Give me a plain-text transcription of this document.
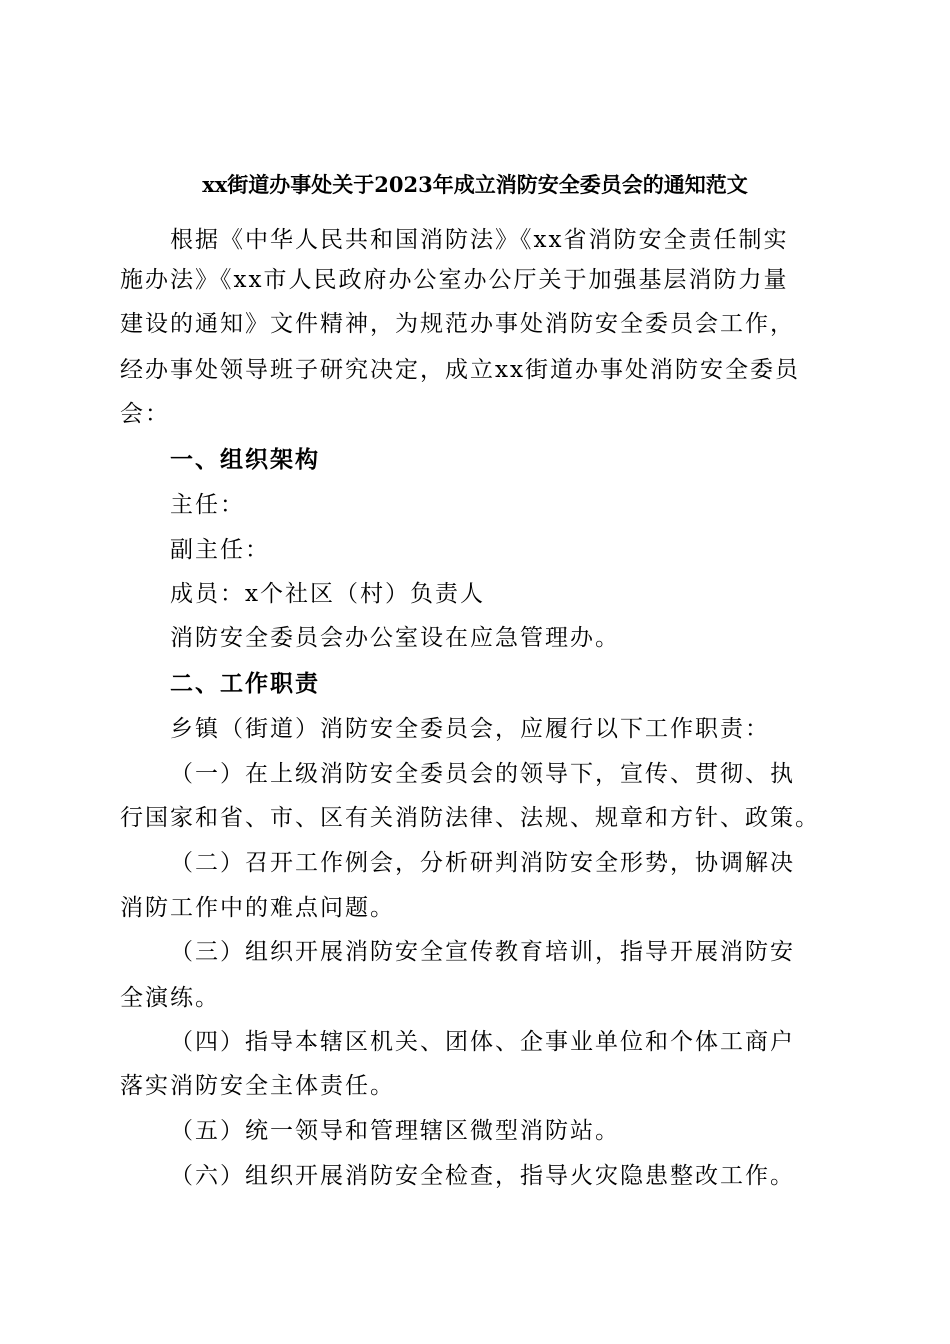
xx街道办事处关于2023年成立消防安全委员会的通知范文
根据《中华人民共和国消防法》《xx省消防安全责任制实
施办法》《xx市人民政府办公室办公厅关于加强基层消防力量
建设的通知》文件精神，为规范办事处消防安全委员会工作，
经办事处领导班子研究决定，成立xx街道办事处消防安全委员
会：
一、组织架构
主任：
副主任：
成员：x个社区（村）负责人
消防安全委员会办公室设在应急管理办。
二、工作职责
乡镇（街道）消防安全委员会，应履行以下工作职责：
（一）在上级消防安全委员会的领导下，宣传、贯彻、执
行国家和省、市、区有关消防法律、法规、规章和方针、政策。
（二）召开工作例会，分析研判消防安全形势，协调解决
消防工作中的难点问题。
（三）组织开展消防安全宣传教育培训，指导开展消防安
全演练。
（四）指导本辖区机关、团体、企事业单位和个体工商户
落实消防安全主体责任。
（五）统一领导和管理辖区微型消防站。
（六）组织开展消防安全检查，指导火灾隐患整改工作。
